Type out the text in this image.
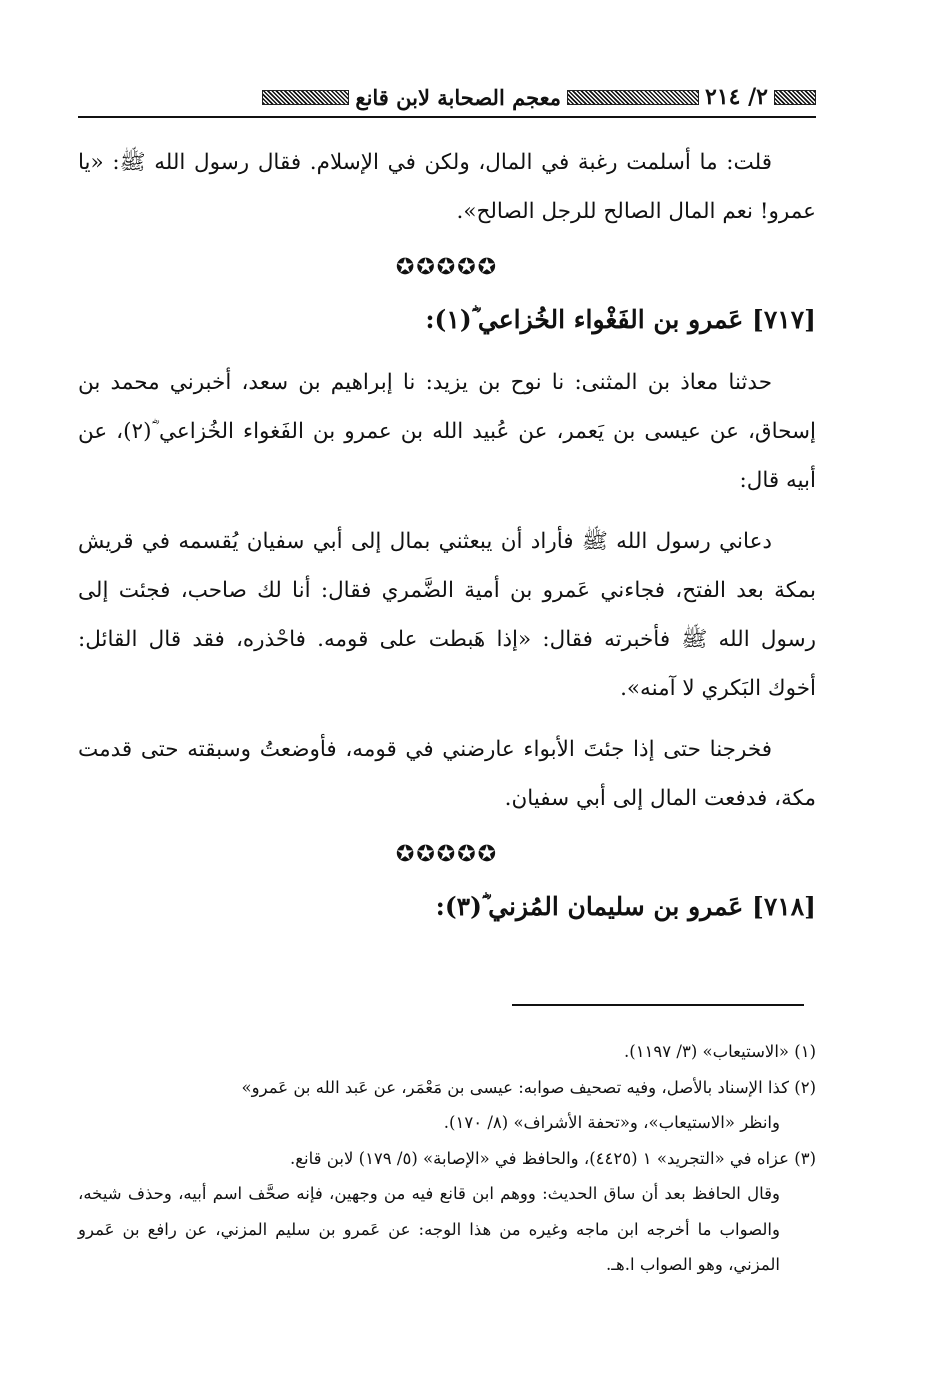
معجم الصحابة لابن قانع	٢/ ٢١٤

قلت: ما أسلمت رغبة في المال، ولكن في الإسلام. فقال رسول الله ﷺ: «يا عمرو! نعم المال الصالح للرجل الصالح».

✪✪✪✪✪

[٧١٧] عَمرو بن الفَغْواء الخُزاعي ؓ(١):

حدثنا معاذ بن المثنى: نا نوح بن يزيد: نا إبراهيم بن سعد، أخبرني محمد بن إسحاق، عن عيسى بن يَعمر، عن عُبيد الله بن عمرو بن الفَغواء الخُزاعي ؓ(٢)، عن أبيه قال:

دعاني رسول الله ﷺ فأراد أن يبعثني بمال إلى أبي سفيان يُقسمه في قريش بمكة بعد الفتح، فجاءني عَمرو بن أمية الضَّمري فقال: أنا لك صاحب، فجئت إلى رسول الله ﷺ فأخبرته فقال: «إذا هَبطت على قومه. فاحْذره، فقد قال القائل: أخوك البَكري لا آمنه».

فخرجنا حتى إذا جئتَ الأبواء عارضني في قومه، فأوضعتُ وسبقته حتى قدمت مكة، فدفعت المال إلى أبي سفيان.

✪✪✪✪✪

[٧١٨] عَمرو بن سليمان المُزني ؓ(٣):

(١) «الاستيعاب» (٣/ ١١٩٧).

(٢) كذا الإسناد بالأصل، وفيه تصحيف صوابه: عيسى بن مَعْمَر، عن عَبد الله بن عَمرو»

وانظر «الاستيعاب»، و«تحفة الأشراف» (٨/ ١٧٠).

(٣) عزاه في «التجريد» ١ (٤٤٢٥)، والحافظ في «الإصابة» (٥/ ١٧٩) لابن قانع.

وقال الحافظ بعد أن ساق الحديث: ووهم ابن قانع فيه من وجهين، فإنه صحَّف اسم أبيه، وحذف شيخه، والصواب ما أخرجه ابن ماجه وغيره من هذا الوجه: عن عَمرو بن سليم المزني، عن رافع بن عَمرو المزني، وهو الصواب ا.هـ.
